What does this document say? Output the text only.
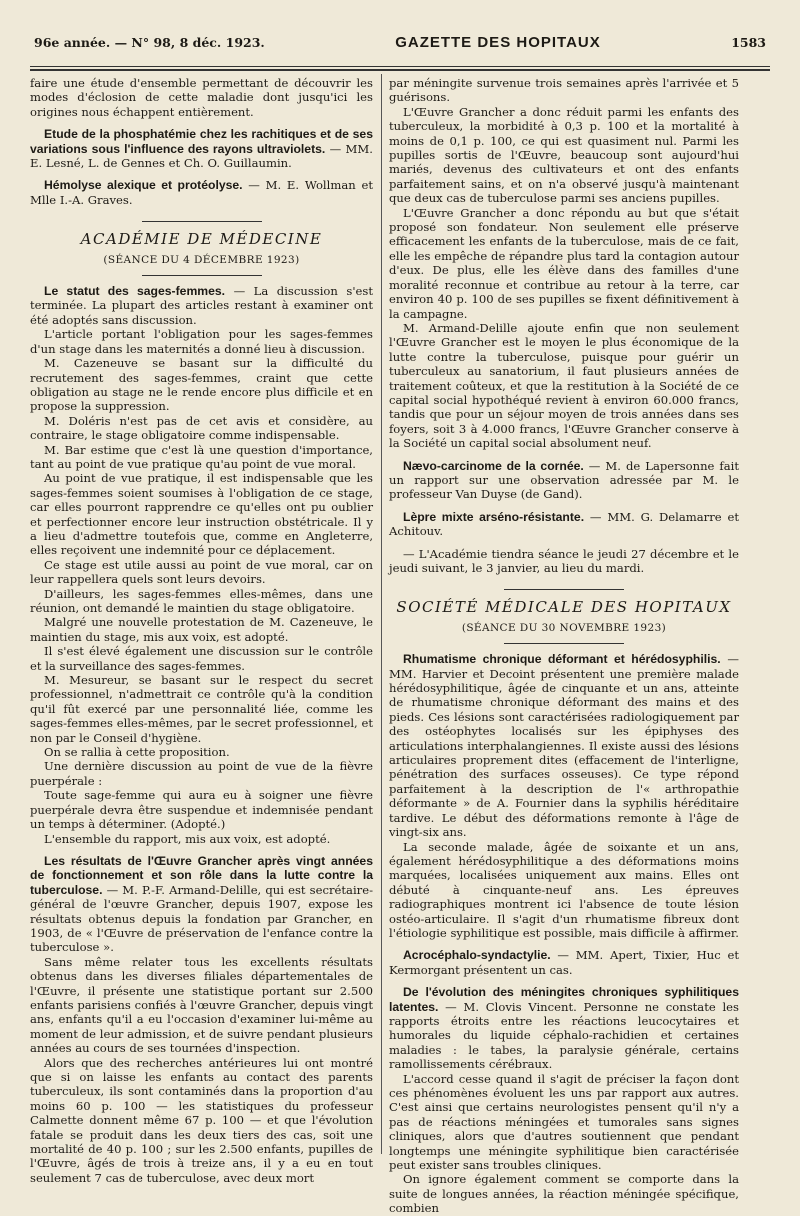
96e année. — N° 98, 8 déc. 1923.	GAZETTE DES HOPITAUX	1583

faire une étude d'ensemble permettant de découvrir les modes d'éclosion de cette maladie dont jusqu'ici les origines nous échappent entièrement.

Etude de la phosphatémie chez les rachitiques et de ses variations sous l'influence des rayons ultraviolets. — MM. E. Lesné, L. de Gennes et Ch. O. Guillaumin.

Hémolyse alexique et protéolyse. — M. E. Wollman et Mlle I.-A. Graves.

ACADÉMIE DE MÉDECINE
(SÉANCE DU 4 DÉCEMBRE 1923)

Le statut des sages-femmes. — La discussion s'est terminée. La plupart des articles restant à examiner ont été adoptés sans discussion.

L'article portant l'obligation pour les sages-femmes d'un stage dans les maternités a donné lieu à discussion.

M. Cazeneuve se basant sur la difficulté du recrutement des sages-femmes, craint que cette obligation au stage ne le rende encore plus difficile et en propose la suppression.

M. Doléris n'est pas de cet avis et considère, au contraire, le stage obligatoire comme indispensable.

M. Bar estime que c'est là une question d'importance, tant au point de vue pratique qu'au point de vue moral.

Au point de vue pratique, il est indispensable que les sages-femmes soient soumises à l'obligation de ce stage, car elles pourront rapprendre ce qu'elles ont pu oublier et perfectionner encore leur instruction obstétricale. Il y a lieu d'admettre toutefois que, comme en Angleterre, elles reçoivent une indemnité pour ce déplacement.

Ce stage est utile aussi au point de vue moral, car on leur rappellera quels sont leurs devoirs.

D'ailleurs, les sages-femmes elles-mêmes, dans une réunion, ont demandé le maintien du stage obligatoire.

Malgré une nouvelle protestation de M. Cazeneuve, le maintien du stage, mis aux voix, est adopté.

Il s'est élevé également une discussion sur le contrôle et la surveillance des sages-femmes.

M. Mesureur, se basant sur le respect du secret professionnel, n'admettrait ce contrôle qu'à la condition qu'il fût exercé par une personnalité liée, comme les sages-femmes elles-mêmes, par le secret professionnel, et non par le Conseil d'hygiène.

On se rallia à cette proposition.

Une dernière discussion au point de vue de la fièvre puerpérale :

Toute sage-femme qui aura eu à soigner une fièvre puerpérale devra être suspendue et indemnisée pendant un temps à déterminer. (Adopté.)

L'ensemble du rapport, mis aux voix, est adopté.

Les résultats de l'Œuvre Grancher après vingt années de fonctionnement et son rôle dans la lutte contre la tuberculose. — M. P.-F. Armand-Delille, qui est secrétaire-général de l'œuvre Grancher, depuis 1907, expose les résultats obtenus depuis la fondation par Grancher, en 1903, de « l'Œuvre de préservation de l'enfance contre la tuberculose ».

Sans même relater tous les excellents résultats obtenus dans les diverses filiales départementales de l'Œuvre, il présente une statistique portant sur 2.500 enfants parisiens confiés à l'œuvre Grancher, depuis vingt ans, enfants qu'il a eu l'occasion d'examiner lui-même au moment de leur admission, et de suivre pendant plusieurs années au cours de ses tournées d'inspection.

Alors que des recherches antérieures lui ont montré que si on laisse les enfants au contact des parents tuberculeux, ils sont contaminés dans la proportion d'au moins 60 p. 100 — les statistiques du professeur Calmette donnent même 67 p. 100 — et que l'évolution fatale se produit dans les deux tiers des cas, soit une mortalité de 40 p. 100 ; sur les 2.500 enfants, pupilles de l'Œuvre, âgés de trois à treize ans, il y a eu en tout seulement 7 cas de tuberculose, avec deux mort

par méningite survenue trois semaines après l'arrivée et 5 guérisons.

L'Œuvre Grancher a donc réduit parmi les enfants des tuberculeux, la morbidité à 0,3 p. 100 et la mortalité à moins de 0,1 p. 100, ce qui est quasiment nul. Parmi les pupilles sortis de l'Œuvre, beaucoup sont aujourd'hui mariés, devenus des cultivateurs et ont des enfants parfaitement sains, et on n'a observé jusqu'à maintenant que deux cas de tuberculose parmi ses anciens pupilles.

L'Œuvre Grancher a donc répondu au but que s'était proposé son fondateur. Non seulement elle préserve efficacement les enfants de la tuberculose, mais de ce fait, elle les empêche de répandre plus tard la contagion autour d'eux. De plus, elle les élève dans des familles d'une moralité reconnue et contribue au retour à la terre, car environ 40 p. 100 de ses pupilles se fixent définitivement à la campagne.

M. Armand-Delille ajoute enfin que non seulement l'Œuvre Grancher est le moyen le plus économique de la lutte contre la tuberculose, puisque pour guérir un tuberculeux au sanatorium, il faut plusieurs années de traitement coûteux, et que la restitution à la Société de ce capital social hypothéqué revient à environ 60.000 francs, tandis que pour un séjour moyen de trois années dans ses foyers, soit 3 à 4.000 francs, l'Œuvre Grancher conserve à la Société un capital social absolument neuf.

Nævo-carcinome de la cornée. — M. de Lapersonne fait un rapport sur une observation adressée par M. le professeur Van Duyse (de Gand).

Lèpre mixte arséno-résistante. — MM. G. Delamarre et Achitouv.

— L'Académie tiendra séance le jeudi 27 décembre et le jeudi suivant, le 3 janvier, au lieu du mardi.

SOCIÉTÉ MÉDICALE DES HOPITAUX
(SÉANCE DU 30 NOVEMBRE 1923)

Rhumatisme chronique déformant et hérédosyphilis. — MM. Harvier et Decoint présentent une première malade hérédosyphilitique, âgée de cinquante et un ans, atteinte de rhumatisme chronique déformant des mains et des pieds. Ces lésions sont caractérisées radiologiquement par des ostéophytes localisés sur les épiphyses des articulations interphalangiennes. Il existe aussi des lésions articulaires proprement dites (effacement de l'interligne, pénétration des surfaces osseuses). Ce type répond parfaitement à la description de l'« arthropathie déformante » de A. Fournier dans la syphilis héréditaire tardive. Le début des déformations remonte à l'âge de vingt-six ans.

La seconde malade, âgée de soixante et un ans, également hérédosyphilitique a des déformations moins marquées, localisées uniquement aux mains. Elles ont débuté à cinquante-neuf ans. Les épreuves radiographiques montrent ici l'absence de toute lésion ostéo-articulaire. Il s'agit d'un rhumatisme fibreux dont l'étiologie syphilitique est possible, mais difficile à affirmer.

Acrocéphalo-syndactylie. — MM. Apert, Tixier, Huc et Kermorgant présentent un cas.

De l'évolution des méningites chroniques syphilitiques latentes. — M. Clovis Vincent. Personne ne constate les rapports étroits entre les réactions leucocytaires et humorales du liquide céphalo-rachidien et certaines maladies : le tabes, la paralysie générale, certains ramollissements cérébraux.

L'accord cesse quand il s'agit de préciser la façon dont ces phénomènes évoluent les uns par rapport aux autres. C'est ainsi que certains neurologistes pensent qu'il n'y a pas de réactions méningées et tumorales sans signes cliniques, alors que d'autres soutiennent que pendant longtemps une méningite syphilitique bien caractérisée peut exister sans troubles cliniques.

On ignore également comment se comporte dans la suite de longues années, la réaction méningée spécifique, combien
